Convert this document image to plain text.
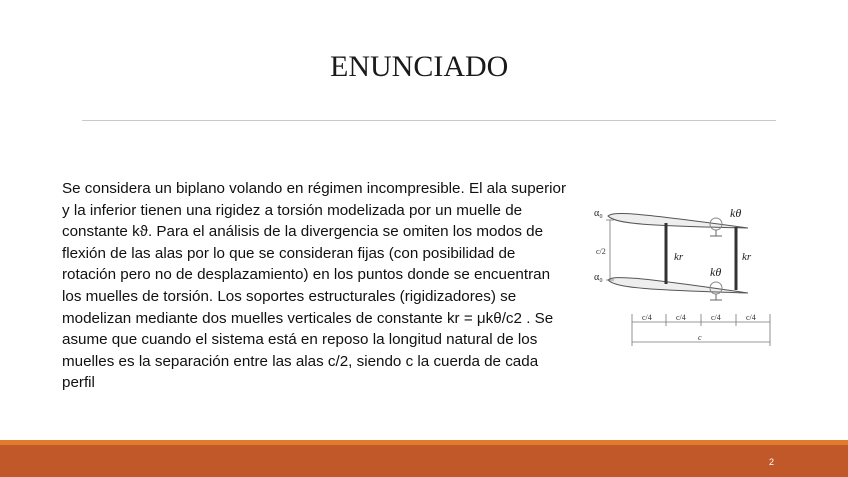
ENUNCIADO
Se considera un biplano volando en régimen incompresible. El ala superior y la inferior tienen una rigidez a torsión modelizada por un muelle de constante kϑ. Para el análisis de la divergencia se omiten los modos de flexión de las alas por lo que se consideran fijas (con posibilidad de rotación pero no de desplazamiento) en los puntos donde se encuentran los muelles de torsión. Los soportes estructurales (rigidizadores) se modelizan mediante dos muelles verticales de constante kr = μkθ/c2 . Se asume que cuando el sistema está en reposo la longitud natural de los muelles es la separación entre las alas c/2, siendo c la cuerda de cada perfil
α₀	kθ
c/2	kr	kr
α₀	kθ
c/4	c/4	c/4	c/4
c
2
